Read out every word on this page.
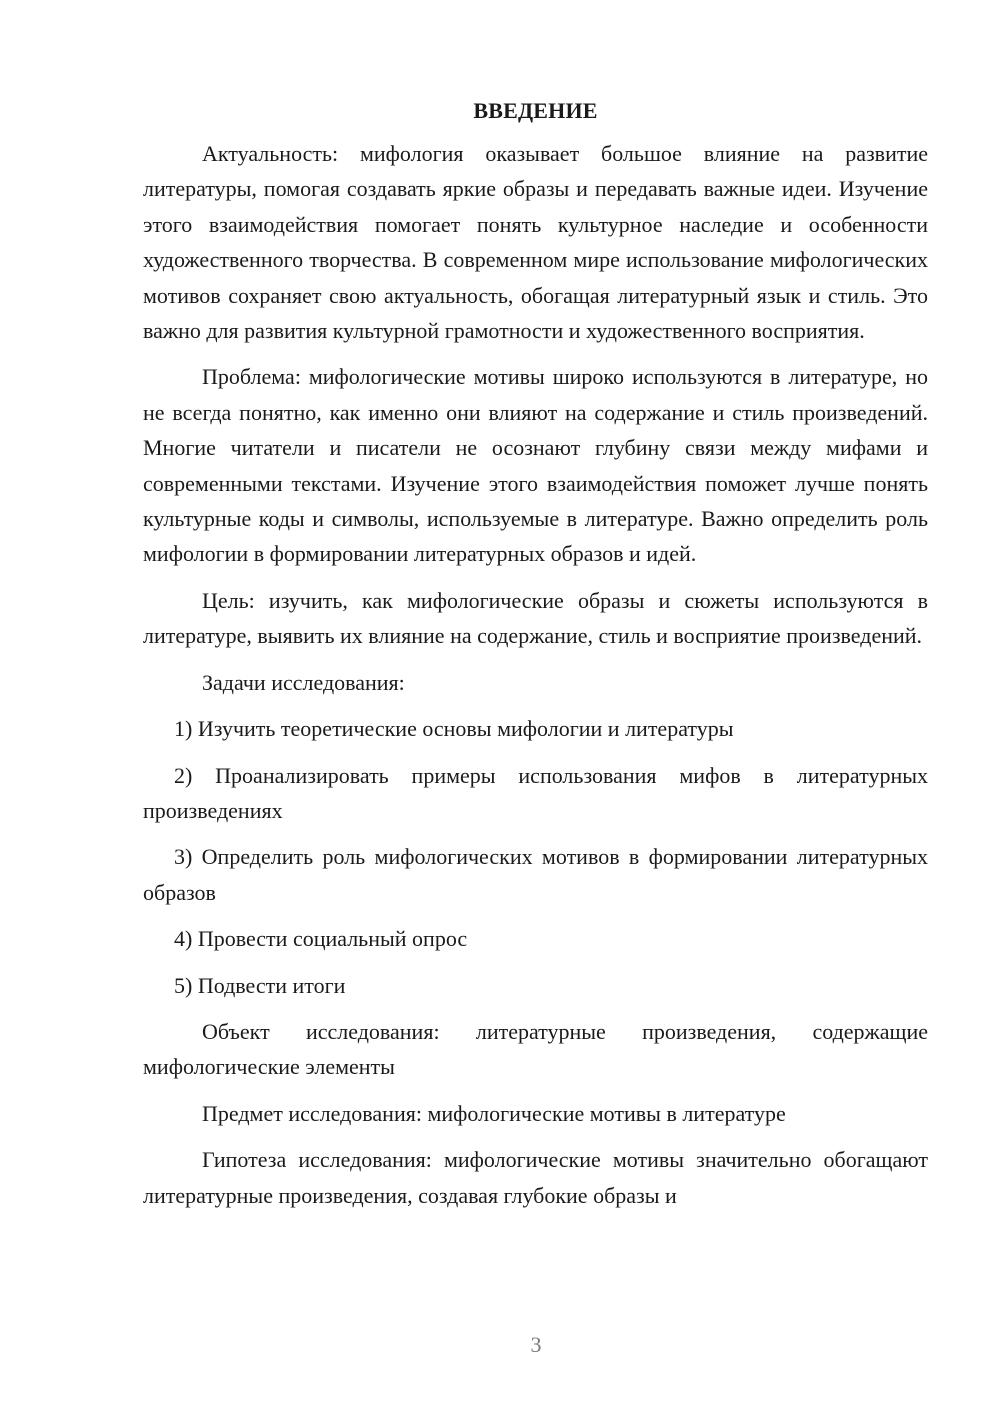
ВВЕДЕНИЕ

Актуальность: мифология оказывает большое влияние на развитие литературы, помогая создавать яркие образы и передавать важные идеи. Изучение этого взаимодействия помогает понять культурное наследие и особенности художественного творчества. В современном мире использование мифологических мотивов сохраняет свою актуальность, обогащая литературный язык и стиль. Это важно для развития культурной грамотности и художественного восприятия.

Проблема: мифологические мотивы широко используются в литературе, но не всегда понятно, как именно они влияют на содержание и стиль произведений. Многие читатели и писатели не осознают глубину связи между мифами и современными текстами. Изучение этого взаимодействия поможет лучше понять культурные коды и символы, используемые в литературе. Важно определить роль мифологии в формировании литературных образов и идей.

Цель: изучить, как мифологические образы и сюжеты используются в литературе, выявить их влияние на содержание, стиль и восприятие произведений.

Задачи исследования:

1) Изучить теоретические основы мифологии и литературы

2) Проанализировать примеры использования мифов в литературных произведениях

3) Определить роль мифологических мотивов в формировании литературных образов

4) Провести социальный опрос

5) Подвести итоги

Объект исследования: литературные произведения, содержащие мифологические элементы

Предмет исследования: мифологические мотивы в литературе

Гипотеза исследования: мифологические мотивы значительно обогащают литературные произведения, создавая глубокие образы и

3
